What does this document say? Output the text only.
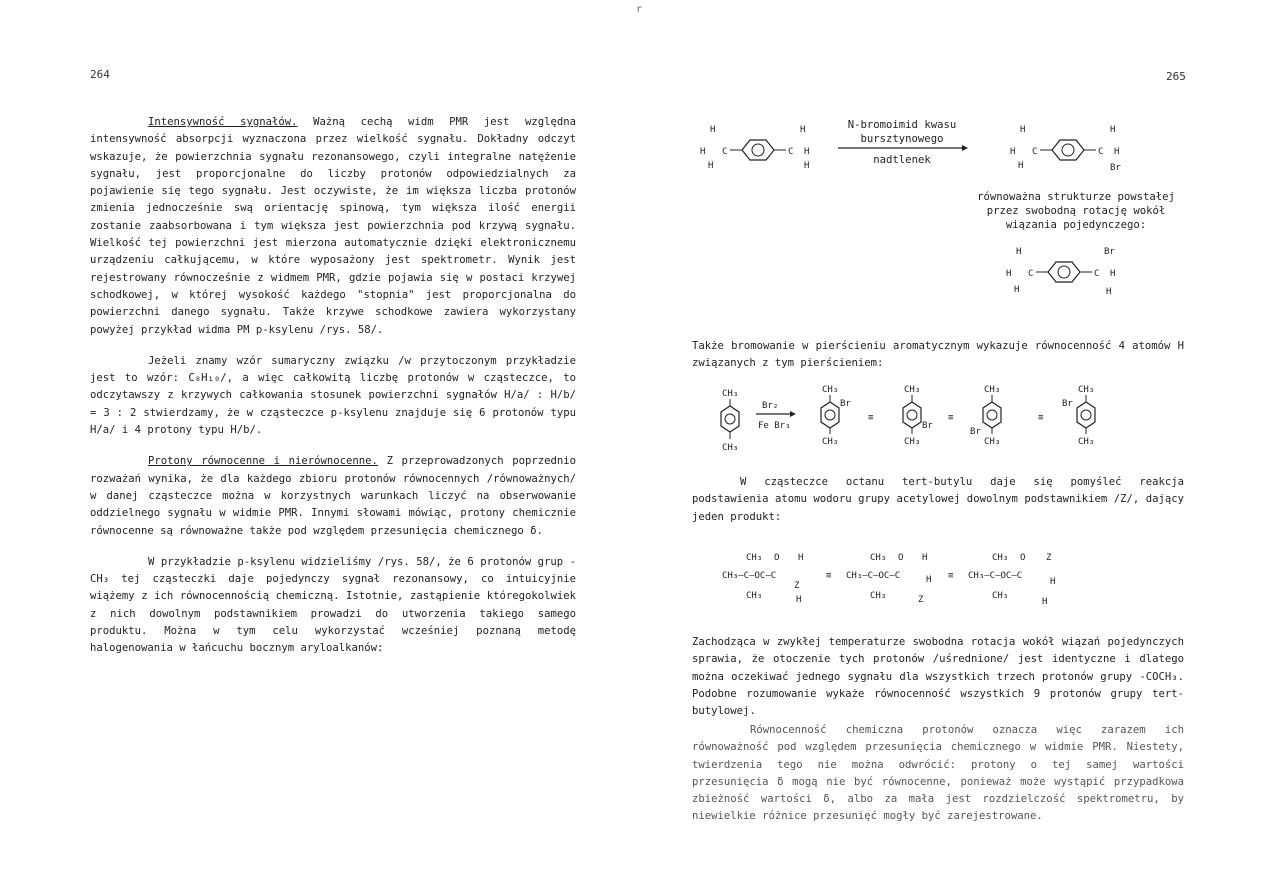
r
264

Intensywność sygnałów. Ważną cechą widm PMR jest względna intensywność absorpcji wyznaczona przez wielkość sygnału. Dokładny odczyt wskazuje, że powierzchnia sygnału rezonansowego, czyli integralne natężenie sygnału, jest proporcjonalne do liczby protonów odpowiedzialnych za pojawienie się tego sygnału. Jest oczywiste, że im większa liczba protonów zmienia jednocześnie swą orientację spinową, tym większa ilość energii zostanie zaabsorbowana i tym większa jest powierzchnia pod krzywą sygnału. Wielkość tej powierzchni jest mierzona automatycznie dzięki elektronicznemu urządzeniu całkującemu, w które wyposażony jest spektrometr. Wynik jest rejestrowany równocześnie z widmem PMR, gdzie pojawia się w postaci krzywej schodkowej, w której wysokość każdego "stopnia" jest proporcjonalna do powierzchni danego sygnału. Także krzywe schodkowe zawiera wykorzystany powyżej przykład widma PM p-ksylenu /rys. 58/.

Jeżeli znamy wzór sumaryczny związku /w przytoczonym przykładzie jest to wzór: C₈H₁₀/, a więc całkowitą liczbę protonów w cząsteczce, to odczytawszy z krzywych całkowania stosunek powierzchni sygnałów H/a/ : H/b/ = 3 : 2 stwierdzamy, że w cząsteczce p-ksylenu znajduje się 6 protonów typu H/a/ i 4 protony typu H/b/.

Protony równocenne i nierównocenne. Z przeprowadzonych poprzednio rozważań wynika, że dla każdego zbioru protonów równocennych /równoważnych/ w danej cząsteczce można w korzystnych warunkach liczyć na obserwowanie oddzielnego sygnału w widmie PMR. Innymi słowami mówiąc, protony chemicznie równocenne są równoważne także pod względem przesunięcia chemicznego δ.

W przykładzie p-ksylenu widzieliśmy /rys. 58/, że 6 protonów grup -CH₃ tej cząsteczki daje pojedynczy sygnał rezonansowy, co intuicyjnie wiążemy z ich równocennością chemiczną. Istotnie, zastąpienie któregokolwiek z nich dowolnym podstawnikiem prowadzi do utworzenia takiego samego produktu. Można w tym celu wykorzystać wcześniej poznaną metodę halogenowania w łańcuchu bocznym aryloalkanów:

265
H
H
H
C	C
H
H
H
H
H
H
C	C
H
H
Br
N-bromoimid kwasu bursztynowego
nadtlenek
równoważna strukturze powstałej przez swobodną rotację wokół wiązania pojedynczego:
H
H
H
C	C
Br
H
H
Także bromowanie w pierścieniu aromatycznym wykazuje równocenność 4 atomów H związanych z tym pierścieniem:
CH₃
CH₃
Br₂
Fe Br₃
CH₃
Br
CH₃
≡
CH₃
Br
CH₃
≡
CH₃
Br
CH₃
≡
CH₃
Br
CH₃

W cząsteczce octanu tert-butylu daje się pomyśleć reakcja podstawienia atomu wodoru grupy acetylowej dowolnym podstawnikiem /Z/, dający jeden produkt:

CH₃ O H
CH₃–C–OC–C
Z
CH₃	H
≡
CH₃ O H
CH₃–C–OC–C	H
CH₃	Z
≡
CH₃ O Z
CH₃–C–OC–C
H
CH₃
H
Zachodząca w zwykłej temperaturze swobodna rotacja wokół wiązań pojedynczych sprawia, że otoczenie tych protonów /uśrednione/ jest identyczne i dlatego można oczekiwać jednego sygnału dla wszystkich trzech protonów grupy -COCH₃. Podobne rozumowanie wykaże równocenność wszystkich 9 protonów grupy tert-butylowej.

Równocenność chemiczna protonów oznacza więc zarazem ich równoważność pod względem przesunięcia chemicznego w widmie PMR. Niestety, twierdzenia tego nie można odwrócić: protony o tej samej wartości przesunięcia δ mogą nie być równocenne, ponieważ może wystąpić przypadkowa zbieżność wartości δ, albo za mała jest rozdzielczość spektrometru, by niewielkie różnice przesunięć mogły być zarejestrowane.
